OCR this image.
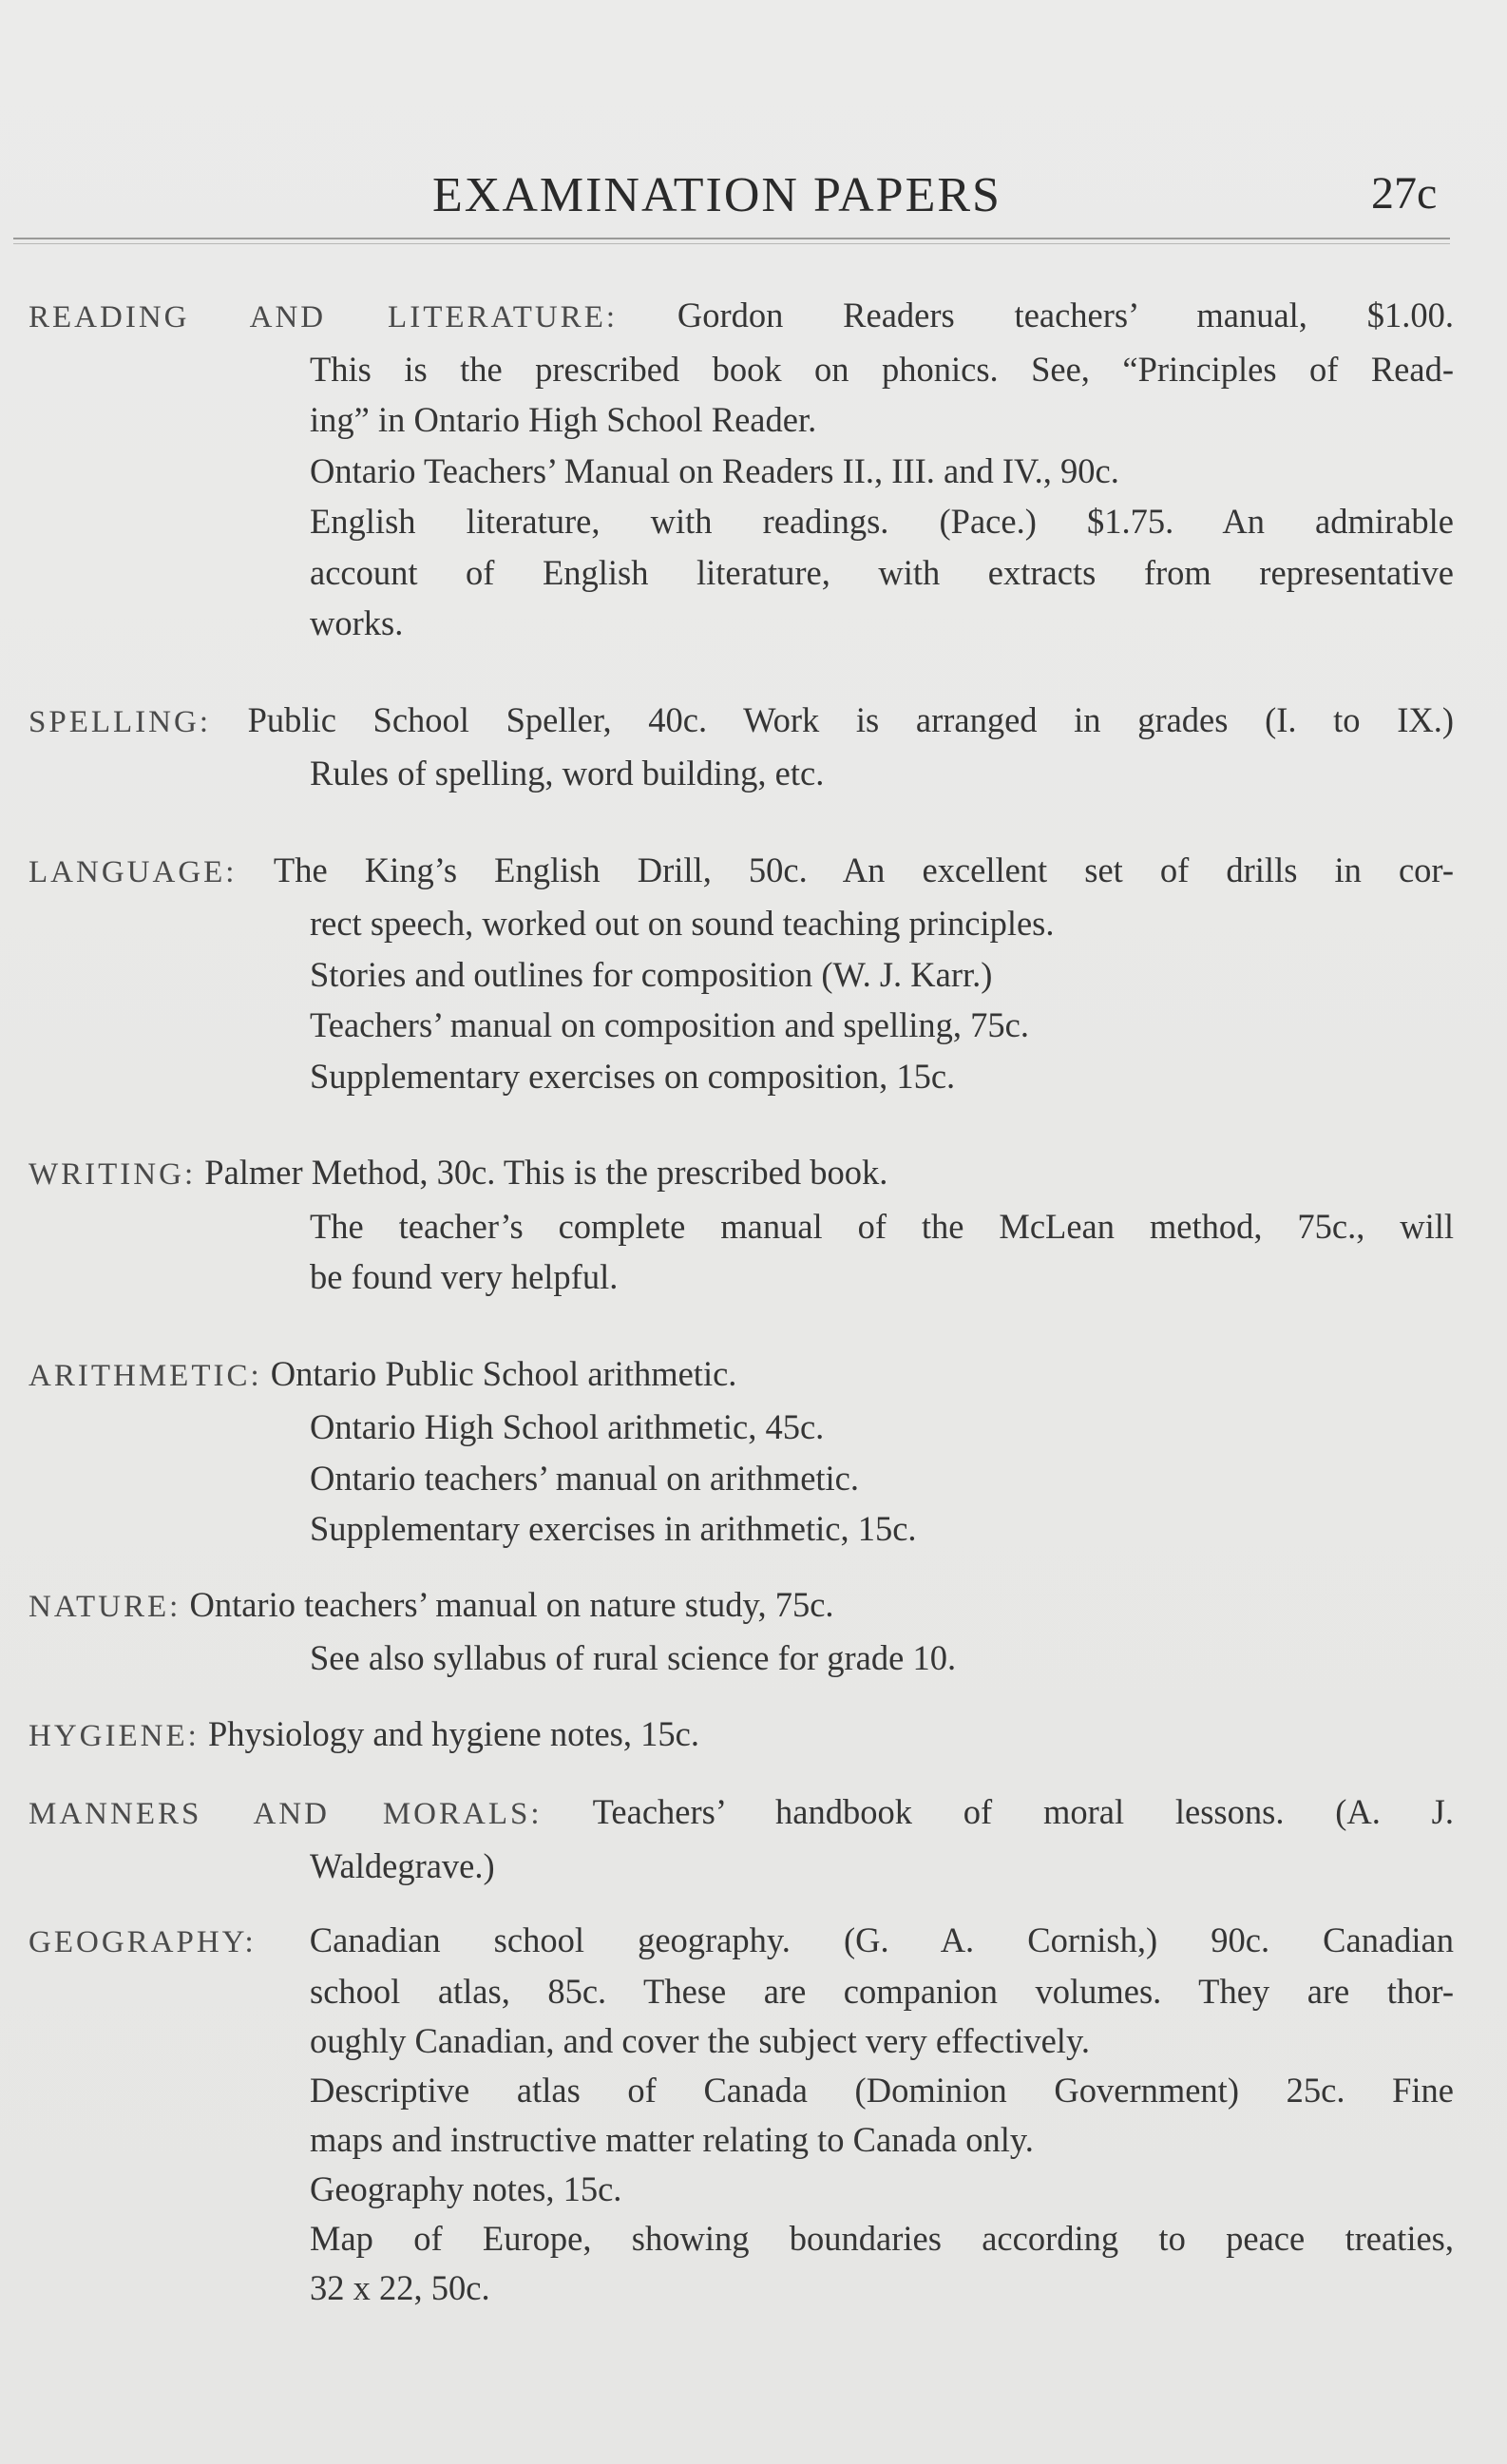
EXAMINATION PAPERS	27c
READING AND LITERATURE: Gordon Readers teachers’ manual, $1.00.
This is the prescribed book on phonics. See, “Principles of Read-
ing” in Ontario High School Reader.
Ontario Teachers’ Manual on Readers II., III. and IV., 90c.
English literature, with readings. (Pace.) $1.75. An admirable
account of English literature, with extracts from representative
works.
SPELLING: Public School Speller, 40c. Work is arranged in grades (I. to IX.)
Rules of spelling, word building, etc.
LANGUAGE: The King’s English Drill, 50c. An excellent set of drills in cor-
rect speech, worked out on sound teaching principles.
Stories and outlines for composition (W. J. Karr.)
Teachers’ manual on composition and spelling, 75c.
Supplementary exercises on composition, 15c.
WRITING: Palmer Method, 30c. This is the prescribed book.
The teacher’s complete manual of the McLean method, 75c., will
be found very helpful.
ARITHMETIC: Ontario Public School arithmetic.
Ontario High School arithmetic, 45c.
Ontario teachers’ manual on arithmetic.
Supplementary exercises in arithmetic, 15c.
NATURE: Ontario teachers’ manual on nature study, 75c.
See also syllabus of rural science for grade 10.
HYGIENE: Physiology and hygiene notes, 15c.
MANNERS AND MORALS: Teachers’ handbook of moral lessons. (A. J.
Waldegrave.)
GEOGRAPHY: Canadian school geography. (G. A. Cornish,) 90c. Canadian
school atlas, 85c. These are companion volumes. They are thor-
oughly Canadian, and cover the subject very effectively.
Descriptive atlas of Canada (Dominion Government) 25c. Fine
maps and instructive matter relating to Canada only.
Geography notes, 15c.
Map of Europe, showing boundaries according to peace treaties,
32 x 22, 50c.
